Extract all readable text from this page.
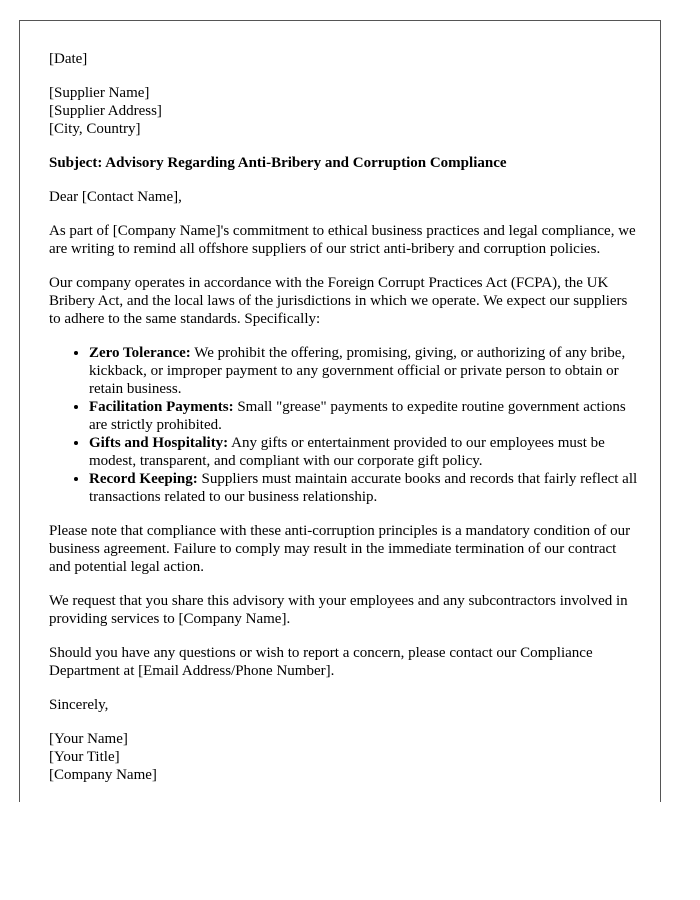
[Date]

[Supplier Name]
[Supplier Address]
[City, Country]

Subject: Advisory Regarding Anti-Bribery and Corruption Compliance

Dear [Contact Name],

As part of [Company Name]'s commitment to ethical business practices and legal compliance, we are writing to remind all offshore suppliers of our strict anti-bribery and corruption policies.

Our company operates in accordance with the Foreign Corrupt Practices Act (FCPA), the UK Bribery Act, and the local laws of the jurisdictions in which we operate. We expect our suppliers to adhere to the same standards. Specifically:

• Zero Tolerance: We prohibit the offering, promising, giving, or authorizing of any bribe, kickback, or improper payment to any government official or private person to obtain or retain business.
• Facilitation Payments: Small "grease" payments to expedite routine government actions are strictly prohibited.
• Gifts and Hospitality: Any gifts or entertainment provided to our employees must be modest, transparent, and compliant with our corporate gift policy.
• Record Keeping: Suppliers must maintain accurate books and records that fairly reflect all transactions related to our business relationship.

Please note that compliance with these anti-corruption principles is a mandatory condition of our business agreement. Failure to comply may result in the immediate termination of our contract and potential legal action.

We request that you share this advisory with your employees and any subcontractors involved in providing services to [Company Name].

Should you have any questions or wish to report a concern, please contact our Compliance Department at [Email Address/Phone Number].

Sincerely,

[Your Name]
[Your Title]
[Company Name]
